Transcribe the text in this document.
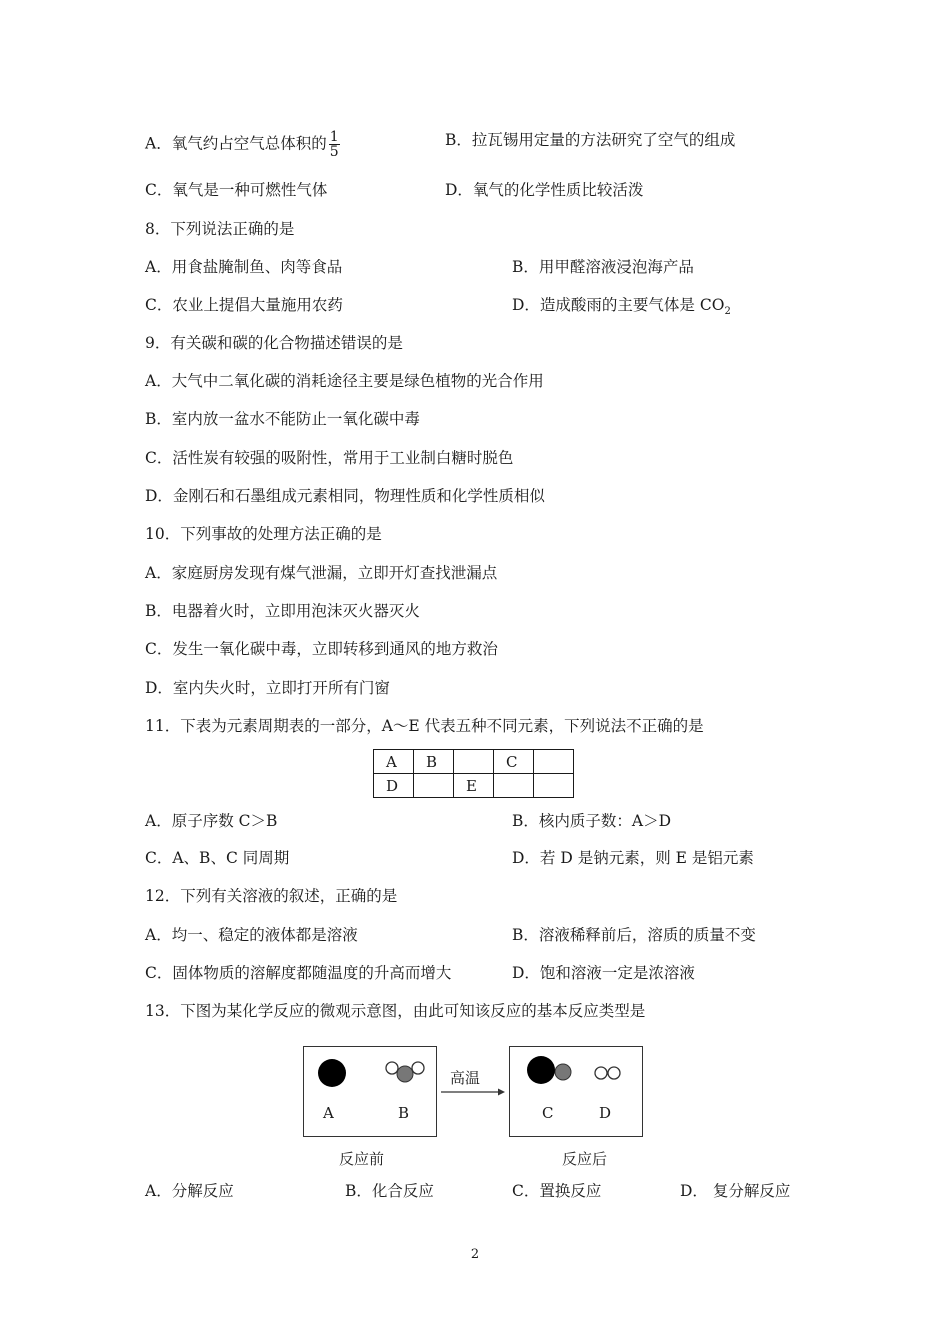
A．氧气约占空气总体积的 $\frac{1}{5}$	B．拉瓦锡用定量的方法研究了空气的组成
C．氧气是一种可燃性气体	D．氧气的化学性质比较活泼
8．下列说法正确的是
A．用食盐腌制鱼、肉等食品	B．用甲醛溶液浸泡海产品
C．农业上提倡大量施用农药	D．造成酸雨的主要气体是 $CO_2$
9．有关碳和碳的化合物描述错误的是
A．大气中二氧化碳的消耗途径主要是绿色植物的光合作用
B．室内放一盆水不能防止一氧化碳中毒
C．活性炭有较强的吸附性，常用于工业制白糖时脱色
D．金刚石和石墨组成元素相同，物理性质和化学性质相似
10．下列事故的处理方法正确的是
A．家庭厨房发现有煤气泄漏，立即开灯查找泄漏点
B．电器着火时，立即用泡沫灭火器灭火
C．发生一氧化碳中毒，立即转移到通风的地方救治
D．室内失火时，立即打开所有门窗
11．下表为元素周期表的一部分，A～E 代表五种不同元素，下列说法不正确的是
A	B		C	
D		E		
A．原子序数 C＞B	B．核内质子数：A＞D
C．A、B、C 同周期	D．若 D 是钠元素，则 E 是铝元素
12．下列有关溶液的叙述，正确的是
A．均一、稳定的液体都是溶液	B．溶液稀释前后，溶质的质量不变
C．固体物质的溶解度都随温度的升高而增大	D．饱和溶液一定是浓溶液
13．下图为某化学反应的微观示意图，由此可知该反应的基本反应类型是
A	B	C	D
高温
反应前	反应后
A．分解反应	B．化合反应	C．置换反应	D． 复分解反应
2
